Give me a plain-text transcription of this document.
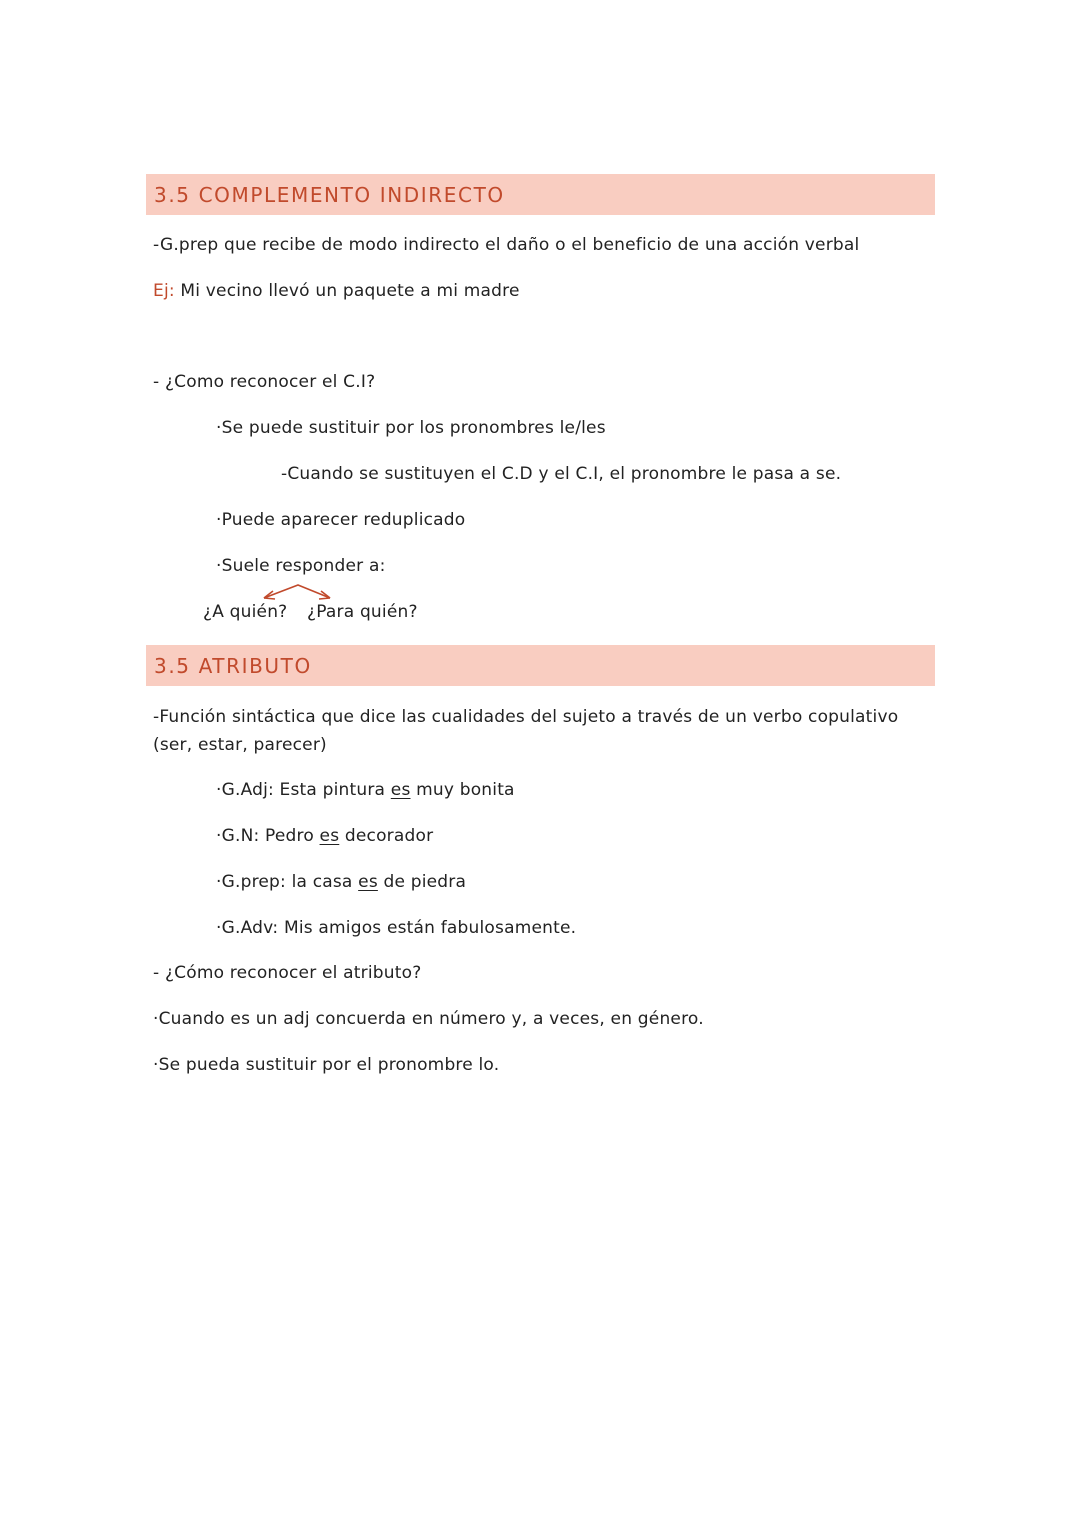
3.5 COMPLEMENTO INDIRECTO
-G.prep que recibe de modo indirecto el daño o el beneficio de una acción verbal
Ej: Mi vecino llevó un paquete a mi madre
- ¿Como reconocer el C.I?
·Se puede sustituir por los pronombres le/les
-Cuando se sustituyen el C.D y el C.I, el pronombre le pasa a se.
·Puede aparecer reduplicado
·Suele responder a:
¿A quién? ¿Para quién?
3.5 ATRIBUTO
-Función sintáctica que dice las cualidades del sujeto a través de un verbo copulativo
(ser, estar, parecer)
·G.Adj: Esta pintura es muy bonita
·G.N: Pedro es decorador
·G.prep: la casa es de piedra
·G.Adv: Mis amigos están fabulosamente.
- ¿Cómo reconocer el atributo?
·Cuando es un adj concuerda en número y, a veces, en género.
·Se pueda sustituir por el pronombre lo.
